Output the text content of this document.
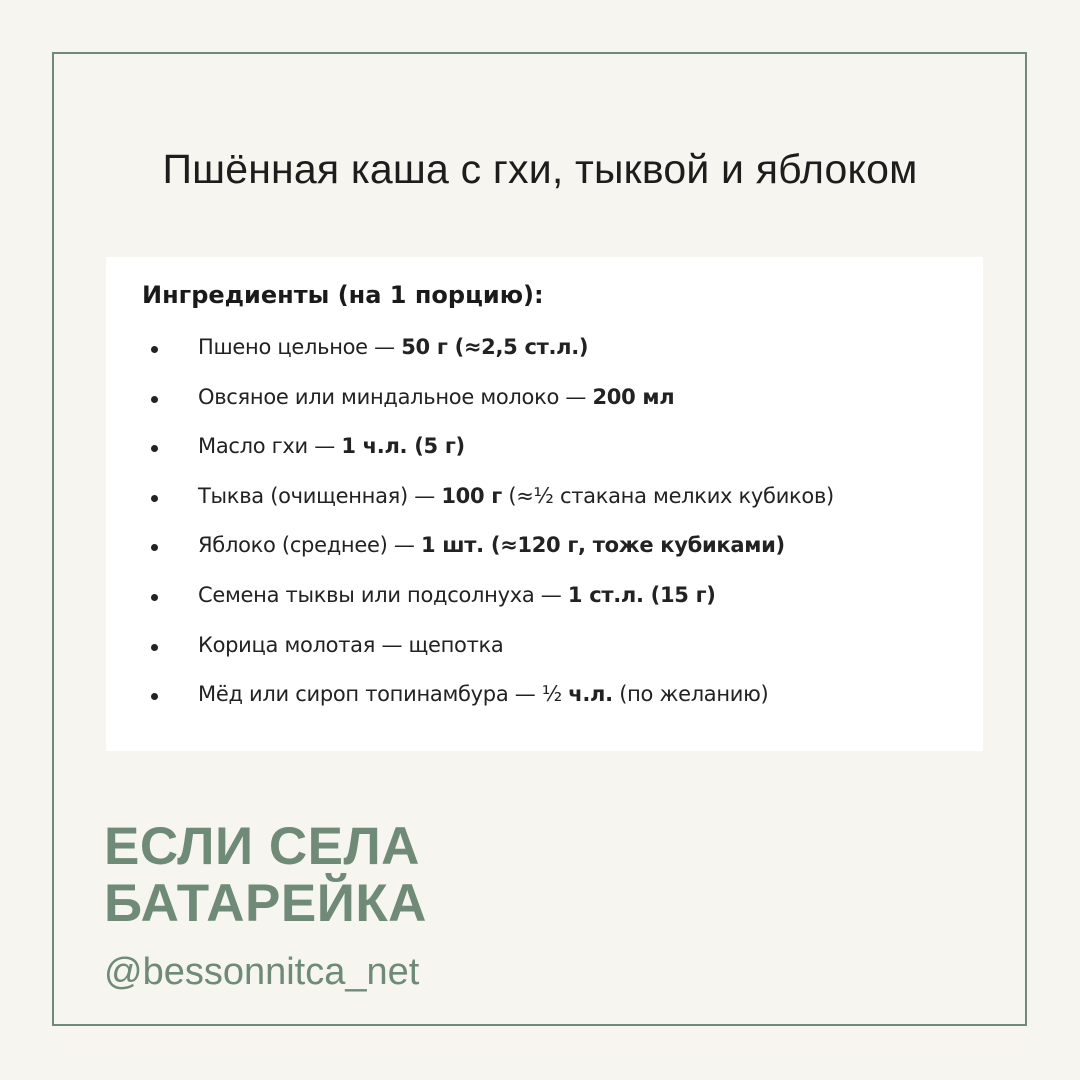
Пшённая каша с гхи, тыквой и яблоком
Ингредиенты (на 1 порцию):
Пшено цельное — 50 г (≈2,5 ст.л.)
Овсяное или миндальное молоко — 200 мл
Масло гхи — 1 ч.л. (5 г)
Тыква (очищенная) — 100 г (≈½ стакана мелких кубиков)
Яблоко (среднее) — 1 шт. (≈120 г, тоже кубиками)
Семена тыквы или подсолнуха — 1 ст.л. (15 г)
Корица молотая — щепотка
Мёд или сироп топинамбура — ½ ч.л. (по желанию)
ЕСЛИ СЕЛА
БАТАРЕЙКА
@bessonnitca_net
